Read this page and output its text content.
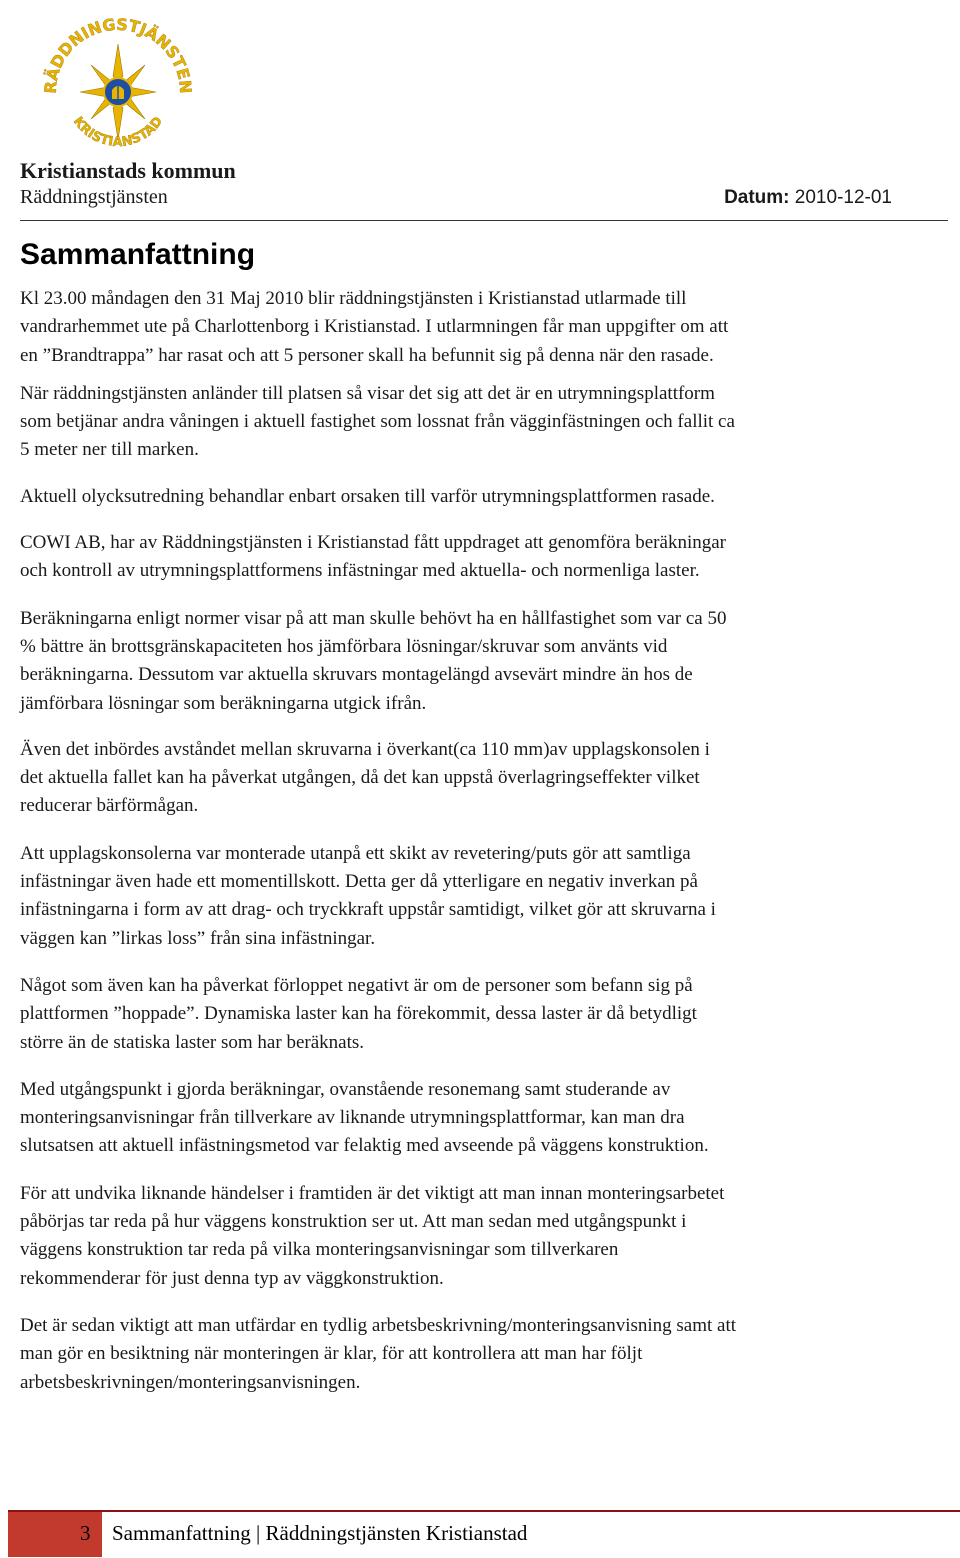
RÄDDNINGSTJÄNSTEN
KRISTIANSTAD
Kristianstads kommun
Räddningstjänsten	Datum: 2010-12-01
Sammanfattning

Kl 23.00 måndagen den 31 Maj 2010 blir räddningstjänsten i Kristianstad utlarmade till
vandrarhemmet ute på Charlottenborg i Kristianstad. I utlarmningen får man uppgifter om att
en ”Brandtrappa” har rasat och att 5 personer skall ha befunnit sig på denna när den rasade.

När räddningstjänsten anländer till platsen så visar det sig att det är en utrymningsplattform
som betjänar andra våningen i aktuell fastighet som lossnat från vägginfästningen och fallit ca
5 meter ner till marken.

Aktuell olycksutredning behandlar enbart orsaken till varför utrymningsplattformen rasade.

COWI AB, har av Räddningstjänsten i Kristianstad fått uppdraget att genomföra beräkningar
och kontroll av utrymningsplattformens infästningar med aktuella- och normenliga laster.

Beräkningarna enligt normer visar på att man skulle behövt ha en hållfastighet som var ca 50
% bättre än brottsgränskapaciteten hos jämförbara lösningar/skruvar som använts vid
beräkningarna. Dessutom var aktuella skruvars montagelängd avsevärt mindre än hos de
jämförbara lösningar som beräkningarna utgick ifrån.

Även det inbördes avståndet mellan skruvarna i överkant(ca 110 mm)av upplagskonsolen i
det aktuella fallet kan ha påverkat utgången, då det kan uppstå överlagringseffekter vilket
reducerar bärförmågan.

Att upplagskonsolerna var monterade utanpå ett skikt av revetering/puts gör att samtliga
infästningar även hade ett momentillskott. Detta ger då ytterligare en negativ inverkan på
infästningarna i form av att drag- och tryckkraft uppstår samtidigt, vilket gör att skruvarna i
väggen kan ”lirkas loss” från sina infästningar.

Något som även kan ha påverkat förloppet negativt är om de personer som befann sig på
plattformen ”hoppade”. Dynamiska laster kan ha förekommit, dessa laster är då betydligt
större än de statiska laster som har beräknats.

Med utgångspunkt i gjorda beräkningar, ovanstående resonemang samt studerande av
monteringsanvisningar från tillverkare av liknande utrymningsplattformar, kan man dra
slutsatsen att aktuell infästningsmetod var felaktig med avseende på väggens konstruktion.

För att undvika liknande händelser i framtiden är det viktigt att man innan monteringsarbetet
påbörjas tar reda på hur väggens konstruktion ser ut. Att man sedan med utgångspunkt i
väggens konstruktion tar reda på vilka monteringsanvisningar som tillverkaren
rekommenderar för just denna typ av väggkonstruktion.

Det är sedan viktigt att man utfärdar en tydlig arbetsbeskrivning/monteringsanvisning samt att
man gör en besiktning när monteringen är klar, för att kontrollera att man har följt
arbetsbeskrivningen/monteringsanvisningen.

3	Sammanfattning | Räddningstjänsten Kristianstad
